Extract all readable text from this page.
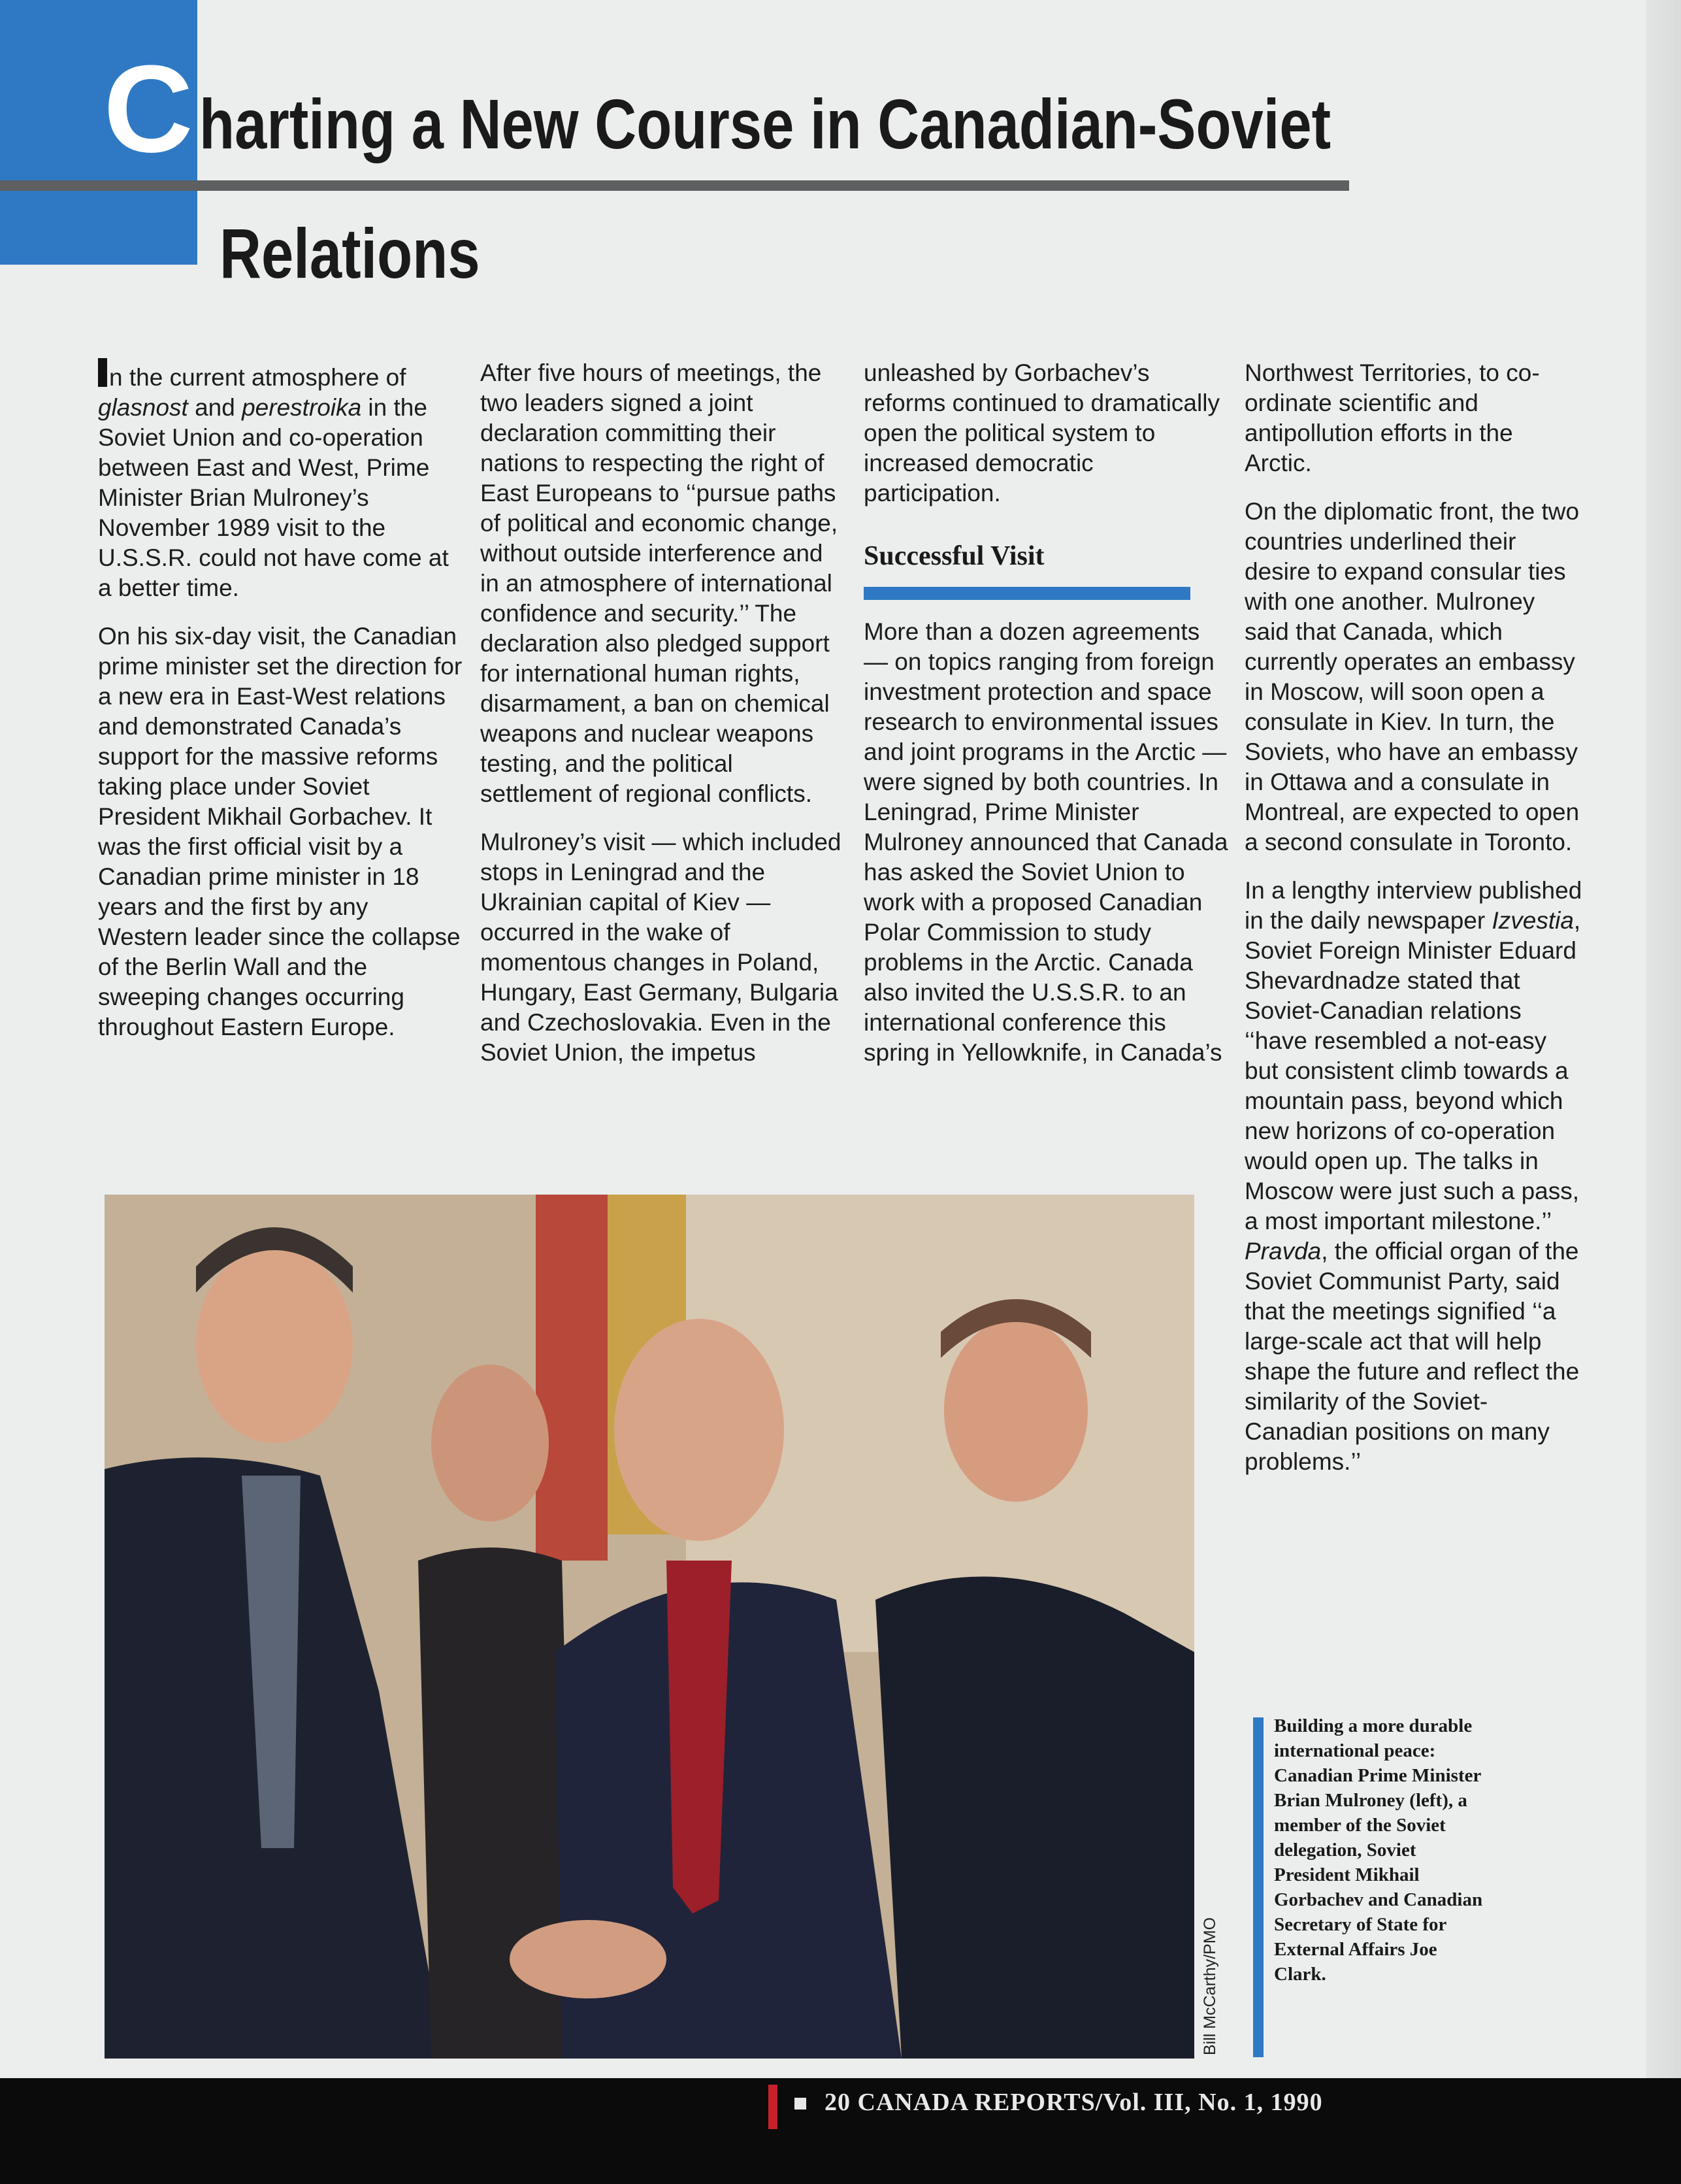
C harting a New Course in Canadian-Soviet
Relations

n the current atmosphere of glasnost and perestroika in the Soviet Union and co-operation between East and West, Prime Minister Brian Mulroney’s November 1989 visit to the U.S.S.R. could not have come at a better time.

On his six-day visit, the Canadian prime minister set the direction for a new era in East-West relations and demonstrated Canada’s support for the massive reforms taking place under Soviet President Mikhail Gorbachev. It was the first official visit by a Canadian prime minister in 18 years and the first by any Western leader since the collapse of the Berlin Wall and the sweeping changes occurring throughout Eastern Europe.

After five hours of meetings, the two leaders signed a joint declaration committing their nations to respecting the right of East Europeans to ‘‘pursue paths of political and economic change, without outside interference and in an atmosphere of international confidence and security.’’ The declaration also pledged support for international human rights, disarmament, a ban on chemical weapons and nuclear weapons testing, and the political settlement of regional conflicts.

Mulroney’s visit — which included stops in Leningrad and the Ukrainian capital of Kiev — occurred in the wake of momentous changes in Poland, Hungary, East Germany, Bulgaria and Czechoslovakia. Even in the Soviet Union, the impetus

unleashed by Gorbachev’s reforms continued to dramatically open the political system to increased democratic participation.

Successful Visit

More than a dozen agreements — on topics ranging from foreign investment protection and space research to environmental issues and joint programs in the Arctic — were signed by both countries. In Leningrad, Prime Minister Mulroney announced that Canada has asked the Soviet Union to work with a proposed Canadian Polar Commission to study problems in the Arctic. Canada also invited the U.S.S.R. to an international conference this spring in Yellowknife, in Canada’s

Northwest Territories, to co-ordinate scientific and antipollution efforts in the Arctic.

On the diplomatic front, the two countries underlined their desire to expand consular ties with one another. Mulroney said that Canada, which currently operates an embassy in Moscow, will soon open a consulate in Kiev. In turn, the Soviets, who have an embassy in Ottawa and a consulate in Montreal, are expected to open a second consulate in Toronto.

In a lengthy interview published in the daily newspaper Izvestia, Soviet Foreign Minister Eduard Shevardnadze stated that Soviet-Canadian relations ‘‘have resembled a not-easy but consistent climb towards a mountain pass, beyond which new horizons of co-operation would open up. The talks in Moscow were just such a pass, a most important milestone.’’ Pravda, the official organ of the Soviet Communist Party, said that the meetings signified ‘‘a large-scale act that will help shape the future and reflect the similarity of the Soviet-Canadian positions on many problems.’’

Bill McCarthy/PMO
Building a more durable international peace: Canadian Prime Minister Brian Mulroney (left), a member of the Soviet delegation, Soviet President Mikhail Gorbachev and Canadian Secretary of State for External Affairs Joe Clark.
20 CANADA REPORTS/Vol. III, No. 1, 1990
